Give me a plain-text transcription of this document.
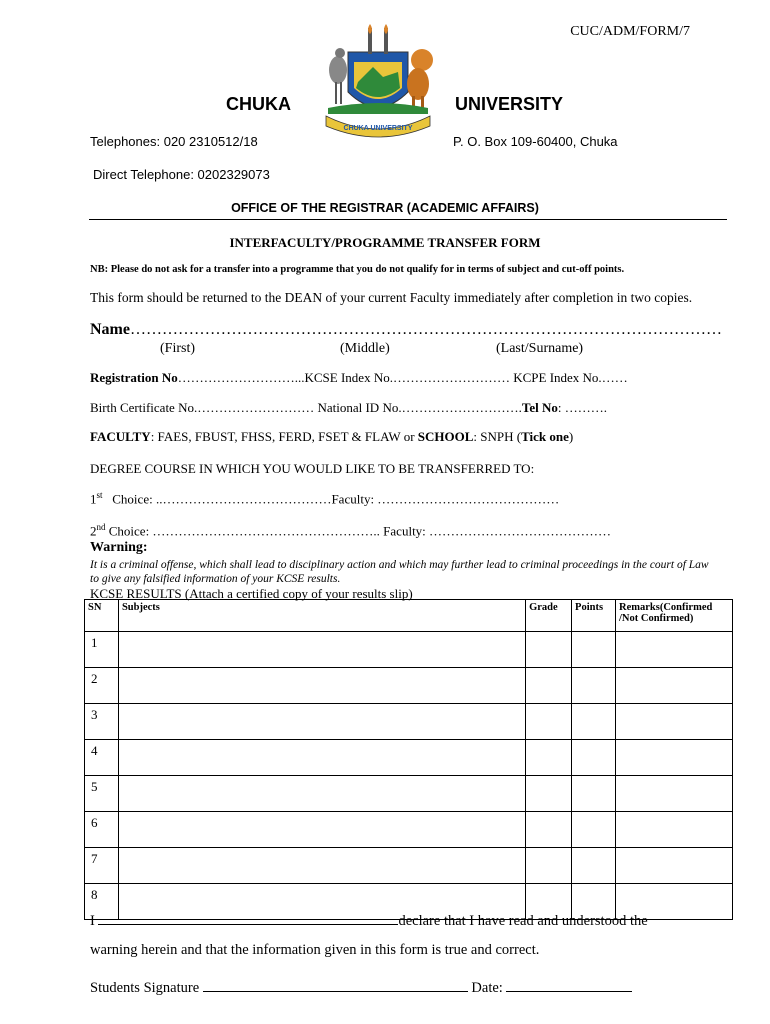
CUC/ADM/FORM/7
CHUKA UNIVERSITY
CHUKA	UNIVERSITY
Telephones: 020 2310512/18	P. O. Box 109-60400, Chuka
Direct Telephone: 0202329073
OFFICE OF THE REGISTRAR (ACADEMIC AFFAIRS)
INTERFACULTY/PROGRAMME TRANSFER FORM
NB: Please do not ask for a transfer into a programme that you do not qualify for in terms of subject and cut-off points.
This form should be returned to the DEAN of your current Faculty immediately after completion in two copies.
Name …………………………………………………………………………………………………
(First)	(Middle)	(Last/Surname)
Registration No………………………...KCSE Index No.……………………… KCPE Index No.……
Birth Certificate No.……………………… National ID No.……………………….Tel No: ……….
FACULTY: FAES, FBUST, FHSS, FERD, FSET & FLAW or SCHOOL: SNPH (Tick one)
DEGREE COURSE IN WHICH YOU WOULD LIKE TO BE TRANSFERRED TO:
1st Choice: ..…………………………………Faculty: ……………………………………
2nd Choice: …………………………………………….. Faculty: ……………………………………
Warning:
It is a criminal offense, which shall lead to disciplinary action and which may further lead to criminal proceedings in the court of Law to give any falsified information of your KCSE results.
KCSE RESULTS (Attach a certified copy of your results slip)
SN	Subjects	Grade	Points	Remarks(Confirmed /Not Confirmed)
1				
2				
3				
4				
5				
6				
7				
8				
I	declare that I have read and understood the
warning herein and that the information given in this form is true and correct.
Students Signature	Date:
